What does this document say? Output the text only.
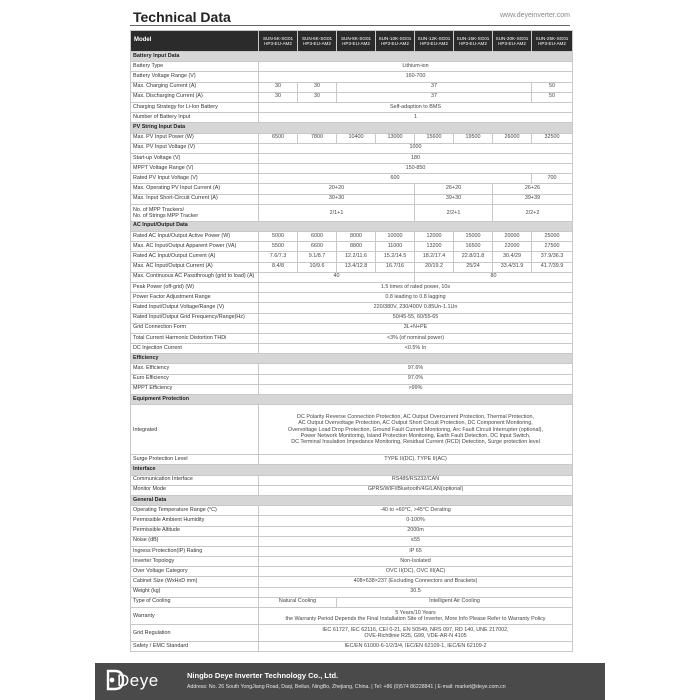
Technical Data	www.deyeinverter.com
Model	SUN-5K-SG01 HP3-EU-AM2	SUN-6K-SG01 HP3-EU-AM2	SUN-8K-SG01 HP3-EU-AM2	SUN-10K-SG01 HP3-EU-AM2	SUN-12K-SG01 HP3-EU-AM2	SUN-15K-SG01 HP3-EU-AM2	SUN-20K-SG01 HP3-EU-AM2	SUN-25K-SG01 HP3-EU-AM2
Battery Input Data								
Battery Type	Lithium-ion							
Battery Voltage Range (V)	160-700							
Max. Charging Current (A)	30	30	37					50
Max. Discharging Current (A)	30	30	37					50
Charging Strategy for Li-Ion Battery	Self-adaption to BMS							
Number of Battery Input	1							
PV String Input Data								
Max. PV Input Power (W)	6500	7800	10400	13000	15600	19500	26000	32500
Max. PV Input Voltage (V)	1000							
Start-up Voltage (V)	180							
MPPT Voltage Range (V)	150-850							
Rated PV Input Voltage (V)	600							700
Max. Operating PV Input Current (A)	20+20				26+20		26+26	
Max. Input Short-Circuit Current (A)	30+30				39+30		39+39	
No. of MPP Trackers/
No. of Strings MPP Tracker	2/1+1				2/2+1		2/2+2	
AC Input/Output Data								
Rated AC Input/Output Active Power (W)	5000	6000	8000	10000	12000	15000	20000	25000
Max. AC Input/Output Apparent Power (VA)	5500	6600	8800	11000	13200	16500	22000	27500
Rated AC Input/Output Current (A)	7.6/7.3	9.1/8.7	12.2/11.6	15.2/14.5	18.2/17.4	22.8/21.8	30.4/29	37.9/36.3
Max. AC Input/Output Current (A)	8.4/8	10/9.6	13.4/12.8	16.7/16	20/19.2	25/24	33.4/31.9	41.7/39.9
Max. Continuous AC Passthrough (grid to load) (A)	40				80			
Peak Power (off-grid) (W)	1.5 times of rated power, 10s							
Power Factor Adjustment Range	0.8 leading to 0.8 lagging							
Rated Input/Output Voltage/Range (V)	220/380V, 230/400V 0.85Un-1.1Un							
Rated Input/Output Grid Frequency/Range(Hz)	50/45-55, 60/55-65							
Grid Connection Form	3L+N+PE							
Total Current Harmonic Distortion THDi	<3% (of nominal power)							
DC Injection Current	<0.5% In							
Efficiency								
Max. Efficiency	97.6%							
Euro Efficiency	97.0%							
MPPT Efficiency	>99%							
Equipment Protection								
Integrated	DC Polarity Reverse Connection Protection, AC Output Overcurrent Protection, Thermal Protection,
AC Output Overvoltage Protection, AC Output Short Circuit Protection, DC Component Monitoring,
Overvoltage Load Drop Protection, Ground Fault Current Monitoring, Arc Fault Circuit Interrupter (optional),
Power Network Monitoring, Island Protection Monitoring, Earth Fault Detection, DC Input Switch,
DC Terminal Insulation Impedance Monitoring, Residual Current (RCD) Detection, Surge protection level							
Surge Protection Level	TYPE II(DC), TYPE II(AC)							
Interface								
Communication Interface	RS485/RS232/CAN							
Monitor Mode	GPRS/WIFI/Bluetooth/4G/LAN(optional)							
General Data								
Operating Temperature Range (°C)	-40 to +60°C, >45°C Derating							
Permissible Ambient Humidity	0-100%							
Permissible Altitude	2000m							
Noise (dB)	≤55							
Ingress Protection(IP) Rating	IP 65							
Inverter Topology	Non-Isolated							
Over Voltage Category	OVC II(DC), OVC III(AC)							
Cabinet Size (WxHxD mm)	408×638×237 (Excluding Connectors and Brackets)							
Weight (kg)	30.5							
Type of Cooling	Natural Cooling		Intelligent Air Cooling					
Warranty	5 Years/10 Years
the Warranty Period Depends the Final Installation Site of Inverter, More Info Please Refer to Warranty Policy							
Grid Regulation	IEC 61727, IEC 62116, CEI 0-21, EN 50549, NRS 097, RD 140, UNE 217002,
OVE-Richtlinie R25, G99, VDE-AR-N 4105							
Safety / EMC Standard	IEC/EN 61000-6-1/2/3/4, IEC/EN 62109-1, IEC/EN 62109-2							
Deye	Ningbo Deye Inverter Technology Co., Ltd.
Address: No. 26 South YongJiang Road, Daqi, Beilun, NingBo, Zhejiang, China. | Tel: +86 (0)574 86228841 | E-mail: market@deye.com.cn
